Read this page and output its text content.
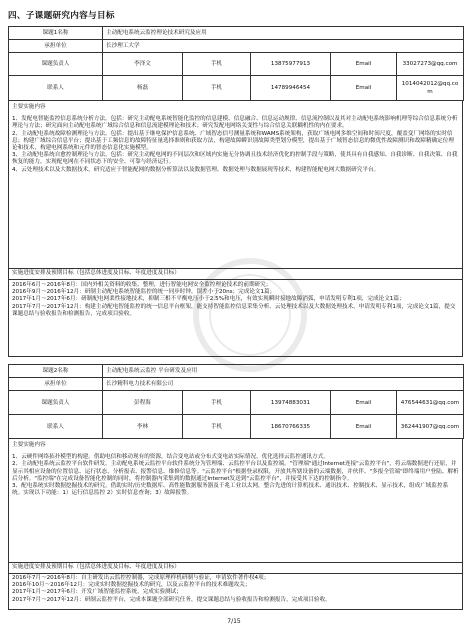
四、子课题研究内容与目标
课题1名称	主动配电系统云监控理论技术研究及应用				
承担单位	长沙理工大学				
课题负责人	李泽文	手机	13875977913	Email	33027273@qq.com
联系人	杨磊	手机	14789946454	Email	1014042012@qq.com

主要实施内容

1、发配电智能监控信息系统分析方法。包括：研究主动配电系统智能化监控的信息建模、信息融合、信息运动规律、信息流控制以及其对主动配电系统影响机理等综合信息系统分析理论与方法；研究面向主动配电系统广域综合信息和信息流建模理论和技术；研究发配电网络关变性与综合信息关联耦机性的内在要求。

2、主动配电系统故障检测理论与方法。包括：提出基于继电保护信息系统、广域智态信号测量系统和WAMS系统架构，获取广域电网多维空间和时间尺度，覆盖变厂网络的实时信息；构建广域综合信息平台；提出基于工频信息的故障特征量选择准则和获取方法，构建故障瞬识别故障类型划分模型，提出基于广域智态信息的微优性故障测识和故障精确定位理论和技术，构建电网系统和元件的智态信息化实施模型。

3、主动配电系统自愈控制理论与方法。包括：研究主动配电网的不同层次和区域内实施无分协调且技术经济优化的控制手段与策略，使其具有自我感知、自我诊断、自我决策、自我恢复的能力，实现配电网在不同状态下的安全、可靠与经济运行。

4、云处理技术以及大数据技术。研究适应于智能配网的数据分析算法以及数据管理、数据处理与数据展现等技术，构建智能配电网大数据研究平台。

实施进度安排及预期目标（包括总体进度及目标、年度进度及目标）

2016年6月～2016年8月：国内外相关资料的收集、整理，进行智能电网安全监控理论技术的前期研究；

2016年9月～2016年12月：研制主动配电系统智能监控的统一同步时钟，误差小于20ns；完成论文1篇；

2017年1月～2017年6月：研制配电网柔性接地技术，抑制三相不平衡电压小于2.5%和电压，有效实现瞬时接地故障消弧，申请发明专利1项，完成论文1篇；

2017年7月～2017年12月：构建主动配电智能监控的统一信息平台框架，能支持智能监控信息采集分析、云处理技术以及大数据处理技术，申请发明专利1项，完成论文1篇，提交课题总结与验收报告和检测报告，完成项目验收。

课题2名称	主动配电系统云监控 平台研发及应用				
承担单位	长沙精科电力技术有限公司				
课题负责人	彭程海	手机	13974883031	Email	476544631@qq.com
联系人	李林	手机	18670766335	Email	362441907@qq.com

主要实施内容

1、云硬件网络拓扑模型的构建。借助电信和移动现有的资源，结合变电站或分布式变电站实际情况，优化选择云监控通讯方式。

2、主动配电系统云监控平台软件研发。主动配电系统云监控平台软件系统分为管理端、云监控平台以及监控端。"管理端"通过Internet连接"云监控平台"，将云端数据进行还原，并显示其相应设备的位置信息、运行状态、分析报表、报警信息、维修信息等。"云监控平台"根据登录权限，开放其所辖设备的云端数据，并伙伴、"多报全管端"即终端用户登陆、解析后分析。"监控端"在完成设备智能化控制的同时，将控制器内采集到的数据通过Internet发送到"云监控平台"，并接受其下达的控制指令。

3、配电系统实时数据挖掘技术的研究。借助实时/历史数据库、高性能数据服务器及千兆工业以太网，整合先进的计算机技术、通讯技术、控制技术、显示技术，组成广域监控系统。实现以下功能：1）运行信息监控 2）实时信息查询；3）故障报警。

实施进度安排及预期目标（包括总体进度及目标、年度进度及目标）

2016年7月～2016年8月：自主研发出云监控控制器，完成原理样机研制与验证，申请软件著作权4项；

2016年10月～2016年12月：完成实时数据挖掘技术的研究，以及云监控平台的技术难题攻关；

2017年1月～2017年6月：开发广域智能监控系统，完成实验测试；

2017年7月～2017年12月：研制云监控平台，完成本课题全部研究任务，提交课题总结与验收报告和检测报告，完成项目验收。

7/15
